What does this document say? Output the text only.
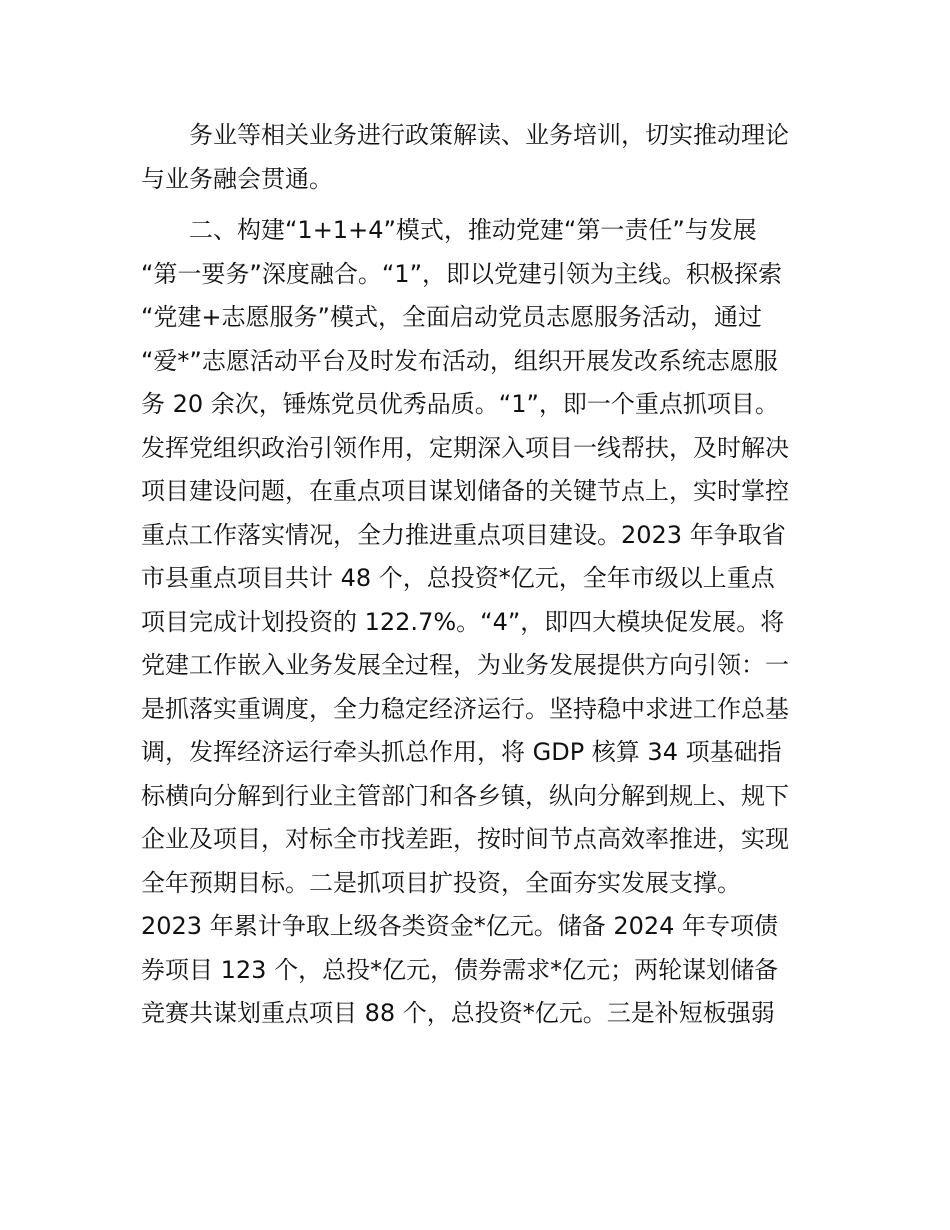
务业等相关业务进行政策解读、业务培训，切实推动理论
与业务融会贯通。
二、构建“1+1+4”模式，推动党建“第一责任”与发展
“第一要务”深度融合。“1”，即以党建引领为主线。积极探索
“党建+志愿服务”模式，全面启动党员志愿服务活动，通过
“爱*”志愿活动平台及时发布活动，组织开展发改系统志愿服
务 20 余次，锤炼党员优秀品质。“1”，即一个重点抓项目。
发挥党组织政治引领作用，定期深入项目一线帮扶，及时解决
项目建设问题，在重点项目谋划储备的关键节点上，实时掌控
重点工作落实情况，全力推进重点项目建设。2023 年争取省
市县重点项目共计 48 个，总投资*亿元，全年市级以上重点
项目完成计划投资的 122.7%。“4”，即四大模块促发展。将
党建工作嵌入业务发展全过程，为业务发展提供方向引领：一
是抓落实重调度，全力稳定经济运行。坚持稳中求进工作总基
调，发挥经济运行牵头抓总作用，将 GDP 核算 34 项基础指
标横向分解到行业主管部门和各乡镇，纵向分解到规上、规下
企业及项目，对标全市找差距，按时间节点高效率推进，实现
全年预期目标。二是抓项目扩投资，全面夯实发展支撑。
2023 年累计争取上级各类资金*亿元。储备 2024 年专项债
券项目 123 个，总投*亿元，债券需求*亿元；两轮谋划储备
竞赛共谋划重点项目 88 个，总投资*亿元。三是补短板强弱
